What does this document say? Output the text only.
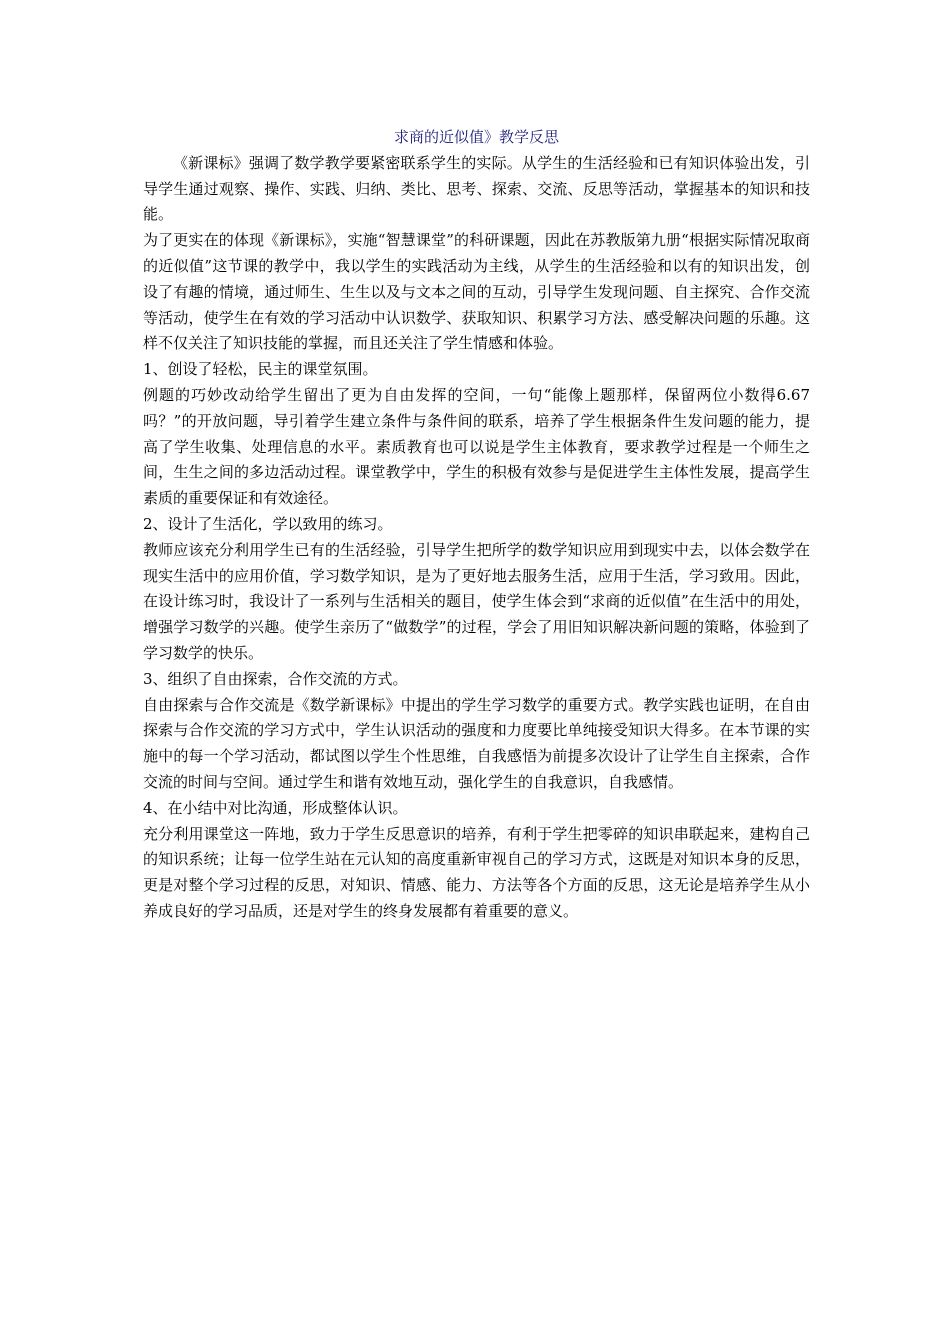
求商的近似值》教学反思

《新课标》强调了数学教学要紧密联系学生的实际。从学生的生活经验和已有知识体验出发，引导学生通过观察、操作、实践、归纳、类比、思考、探索、交流、反思等活动，掌握基本的知识和技能。

为了更实在的体现《新课标》，实施“智慧课堂”的科研课题，因此在苏教版第九册“根据实际情况取商的近似值”这节课的教学中，我以学生的实践活动为主线，从学生的生活经验和以有的知识出发，创设了有趣的情境，通过师生、生生以及与文本之间的互动，引导学生发现问题、自主探究、合作交流等活动，使学生在有效的学习活动中认识数学、获取知识、积累学习方法、感受解决问题的乐趣。这样不仅关注了知识技能的掌握，而且还关注了学生情感和体验。

1、创设了轻松，民主的课堂氛围。

例题的巧妙改动给学生留出了更为自由发挥的空间，一句“能像上题那样，保留两位小数得6.67吗？”的开放问题，导引着学生建立条件与条件间的联系，培养了学生根据条件生发问题的能力，提高了学生收集、处理信息的水平。素质教育也可以说是学生主体教育，要求教学过程是一个师生之间，生生之间的多边活动过程。课堂教学中，学生的积极有效参与是促进学生主体性发展，提高学生素质的重要保证和有效途径。

2、设计了生活化，学以致用的练习。

教师应该充分利用学生已有的生活经验，引导学生把所学的数学知识应用到现实中去，以体会数学在现实生活中的应用价值，学习数学知识，是为了更好地去服务生活，应用于生活，学习致用。因此，在设计练习时，我设计了一系列与生活相关的题目，使学生体会到“求商的近似值”在生活中的用处，增强学习数学的兴趣。使学生亲历了“做数学”的过程，学会了用旧知识解决新问题的策略，体验到了学习数学的快乐。

3、组织了自由探索，合作交流的方式。

自由探索与合作交流是《数学新课标》中提出的学生学习数学的重要方式。教学实践也证明，在自由探索与合作交流的学习方式中，学生认识活动的强度和力度要比单纯接受知识大得多。在本节课的实施中的每一个学习活动，都试图以学生个性思维，自我感悟为前提多次设计了让学生自主探索，合作交流的时间与空间。通过学生和谐有效地互动，强化学生的自我意识，自我感情。

4、在小结中对比沟通，形成整体认识。

充分利用课堂这一阵地，致力于学生反思意识的培养，有利于学生把零碎的知识串联起来，建构自己的知识系统；让每一位学生站在元认知的高度重新审视自己的学习方式，这既是对知识本身的反思，更是对整个学习过程的反思，对知识、情感、能力、方法等各个方面的反思，这无论是培养学生从小养成良好的学习品质，还是对学生的终身发展都有着重要的意义。
